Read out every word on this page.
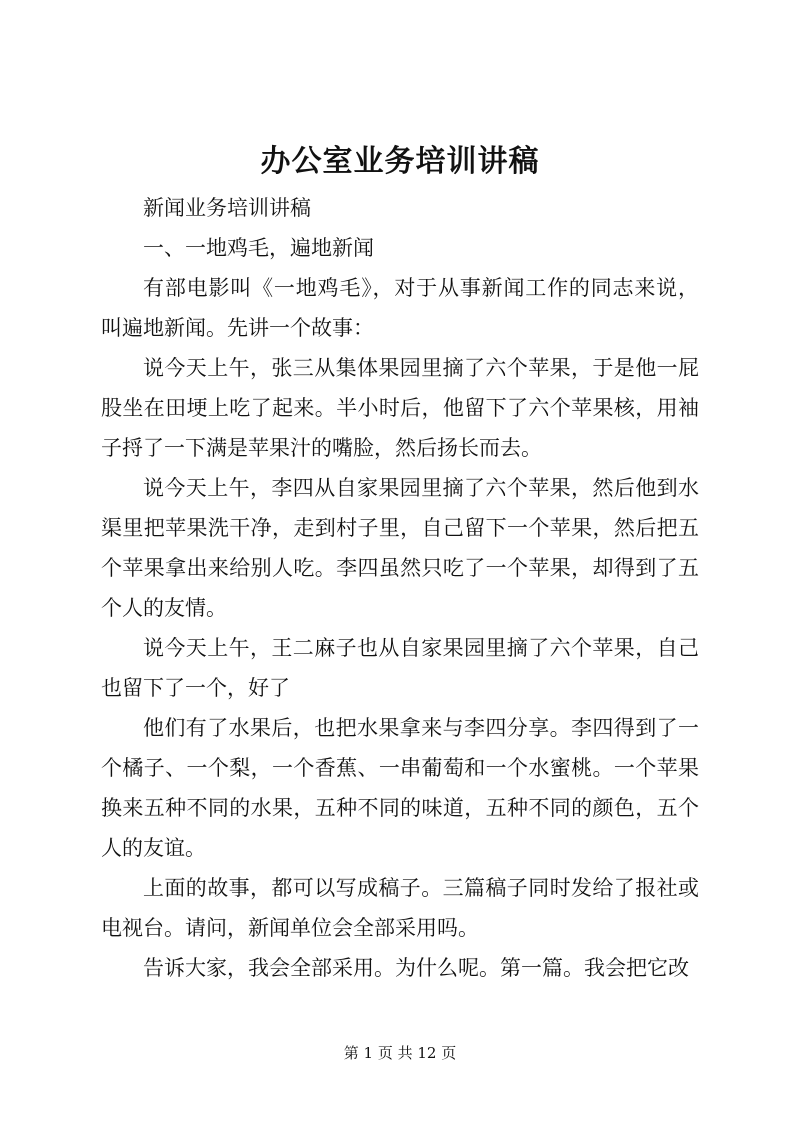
办公室业务培训讲稿

新闻业务培训讲稿

一、一地鸡毛，遍地新闻

有部电影叫《一地鸡毛》，对于从事新闻工作的同志来说，叫遍地新闻。先讲一个故事：

说今天上午，张三从集体果园里摘了六个苹果，于是他一屁股坐在田埂上吃了起来。半小时后，他留下了六个苹果核，用袖子捋了一下满是苹果汁的嘴脸，然后扬长而去。

说今天上午，李四从自家果园里摘了六个苹果，然后他到水渠里把苹果洗干净，走到村子里，自己留下一个苹果，然后把五个苹果拿出来给别人吃。李四虽然只吃了一个苹果，却得到了五个人的友情。

说今天上午，王二麻子也从自家果园里摘了六个苹果，自己也留下了一个，好了

他们有了水果后，也把水果拿来与李四分享。李四得到了一个橘子、一个梨，一个香蕉、一串葡萄和一个水蜜桃。一个苹果换来五种不同的水果，五种不同的味道，五种不同的颜色，五个人的友谊。

上面的故事，都可以写成稿子。三篇稿子同时发给了报社或电视台。请问，新闻单位会全部采用吗。

告诉大家，我会全部采用。为什么呢。第一篇。我会把它改

第 1 页 共 12 页
